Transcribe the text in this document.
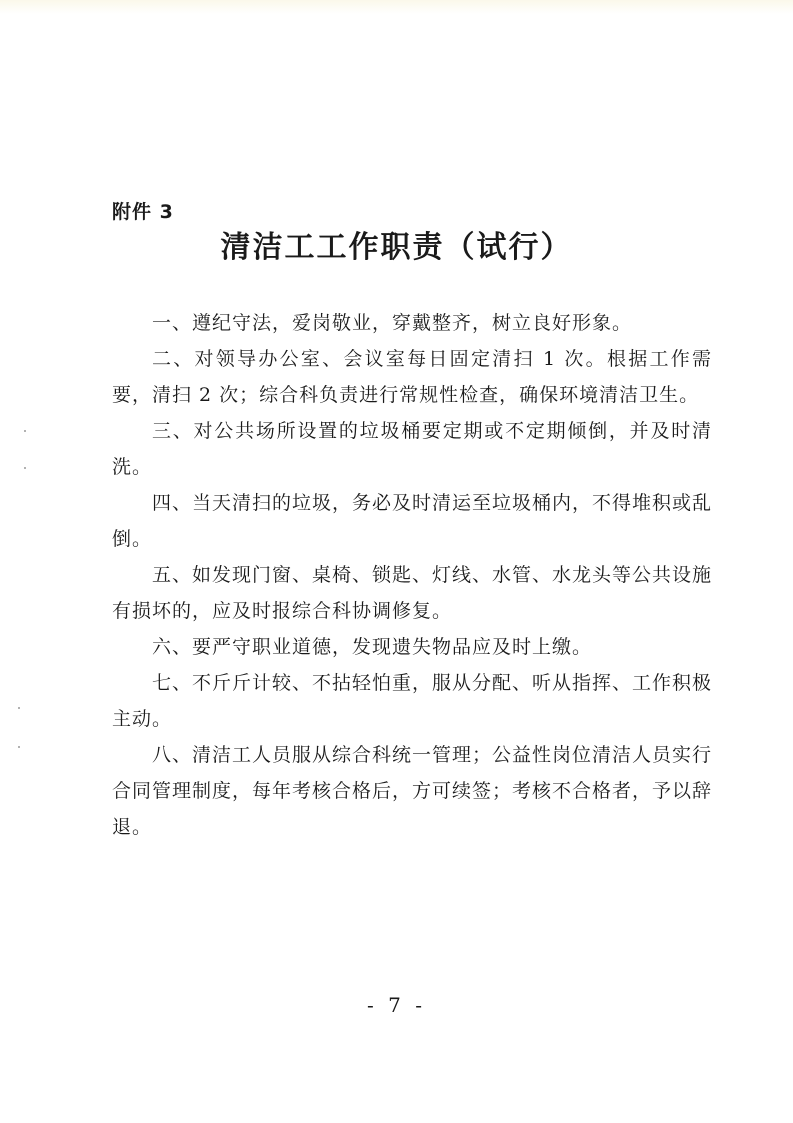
附件 3
清洁工工作职责（试行）

一、遵纪守法，爱岗敬业，穿戴整齐，树立良好形象。

二、对领导办公室、会议室每日固定清扫 1 次。根据工作需要，清扫 2 次；综合科负责进行常规性检查，确保环境清洁卫生。

三、对公共场所设置的垃圾桶要定期或不定期倾倒，并及时清洗。

四、当天清扫的垃圾，务必及时清运至垃圾桶内，不得堆积或乱倒。

五、如发现门窗、桌椅、锁匙、灯线、水管、水龙头等公共设施有损坏的，应及时报综合科协调修复。

六、要严守职业道德，发现遗失物品应及时上缴。

七、不斤斤计较、不拈轻怕重，服从分配、听从指挥、工作积极主动。

八、清洁工人员服从综合科统一管理；公益性岗位清洁人员实行合同管理制度，每年考核合格后，方可续签；考核不合格者，予以辞退。

- 7 -
